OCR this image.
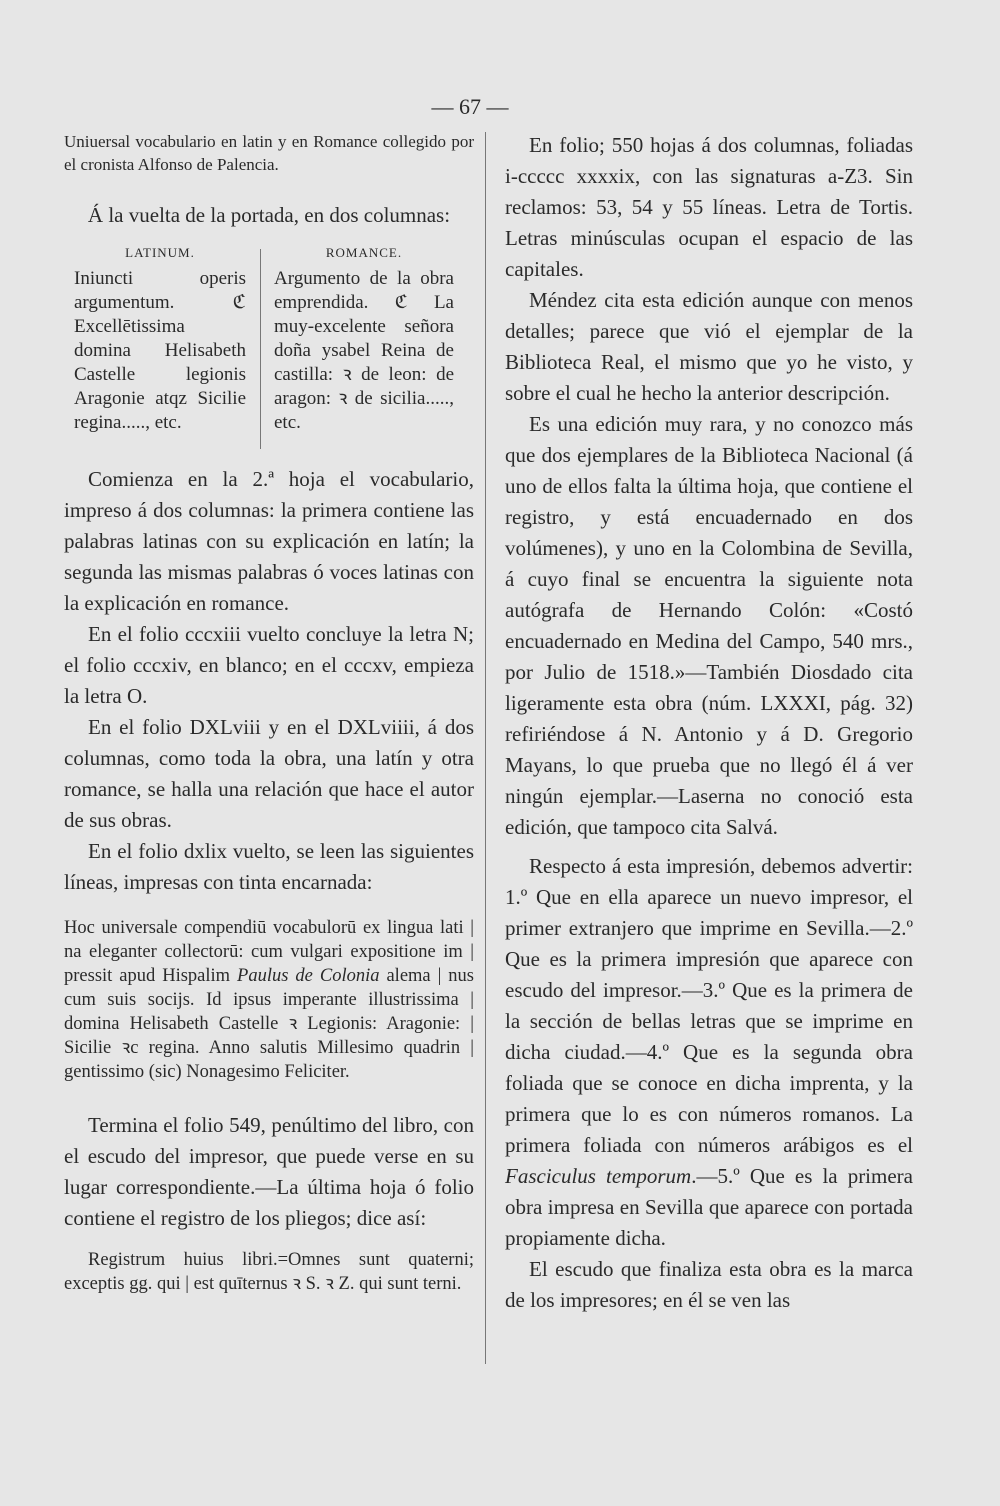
— 67 —

Uniuersal vocabulario en latin y en Romance collegido por el cronista Alfonso de Palencia.

Á la vuelta de la portada, en dos columnas:

LATINUM.

Iniuncti operis argumentum. ℭ Excellētissima domina Helisabeth Castelle legionis Aragonie atqz Sicilie regina....., etc.

ROMANCE.

Argumento de la obra emprendida. ℭ La muy-excelente señora doña ysabel Reina de castilla: ꝛ de leon: de aragon: ꝛ de sicilia....., etc.

Comienza en la 2.ª hoja el vocabulario, impreso á dos columnas: la primera contiene las palabras latinas con su explicación en latín; la segunda las mismas palabras ó voces latinas con la explicación en romance.

En el folio cccxiii vuelto concluye la letra N; el folio cccxiv, en blanco; en el cccxv, empieza la letra O.

En el folio DXLviii y en el DXLviiii, á dos columnas, como toda la obra, una latín y otra romance, se halla una relación que hace el autor de sus obras.

En el folio dxlix vuelto, se leen las siguientes líneas, impresas con tinta encarnada:

Hoc universale compendiū vocabulorū ex lingua lati | na eleganter collectorū: cum vulgari expositione im | pressit apud Hispalim Paulus de Colonia alema | nus cum suis socijs. Id ipsus imperante illustrissima | domina Helisabeth Castelle ꝛ Legionis: Aragonie: | Sicilie ꝛc regina. Anno salutis Millesimo quadrin | gentissimo (sic) Nonagesimo Feliciter.

Termina el folio 549, penúltimo del libro, con el escudo del impresor, que puede verse en su lugar correspondiente.—La última hoja ó folio contiene el registro de los pliegos; dice así:

Registrum huius libri.=Omnes sunt quaterni; exceptis gg. qui | est quīternus ꝛ S. ꝛ Z. qui sunt terni.

En folio; 550 hojas á dos columnas, foliadas i-ccccc xxxxix, con las signaturas a-Z3. Sin reclamos: 53, 54 y 55 líneas. Letra de Tortis. Letras minúsculas ocupan el espacio de las capitales.

Méndez cita esta edición aunque con menos detalles; parece que vió el ejemplar de la Biblioteca Real, el mismo que yo he visto, y sobre el cual he hecho la anterior descripción.

Es una edición muy rara, y no conozco más que dos ejemplares de la Biblioteca Nacional (á uno de ellos falta la última hoja, que contiene el registro, y está encuadernado en dos volúmenes), y uno en la Colombina de Sevilla, á cuyo final se encuentra la siguiente nota autógrafa de Hernando Colón: «Costó encuadernado en Medina del Campo, 540 mrs., por Julio de 1518.»—También Diosdado cita ligeramente esta obra (núm. LXXXI, pág. 32) refiriéndose á N. Antonio y á D. Gregorio Mayans, lo que prueba que no llegó él á ver ningún ejemplar.—Laserna no conoció esta edición, que tampoco cita Salvá.

Respecto á esta impresión, debemos advertir: 1.º Que en ella aparece un nuevo impresor, el primer extranjero que imprime en Sevilla.—2.º Que es la primera impresión que aparece con escudo del impresor.—3.º Que es la primera de la sección de bellas letras que se imprime en dicha ciudad.—4.º Que es la segunda obra foliada que se conoce en dicha imprenta, y la primera que lo es con números romanos. La primera foliada con números arábigos es el Fasciculus temporum.—5.º Que es la primera obra impresa en Sevilla que aparece con portada propiamente dicha.

El escudo que finaliza esta obra es la marca de los impresores; en él se ven las
